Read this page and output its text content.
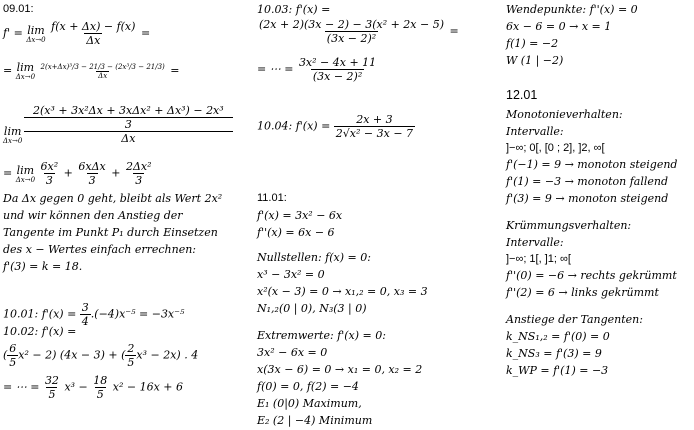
09.01:
f' = lim
Δx→0
$\frac{f(x + \Delta x) - f(x)}{\Delta x}$ =
= lim
Δx→0
$\frac{\text{2(x+Δx)³/3 − 21/3 − (2x³/3 − 21/3)}}{\Delta x}$ =
lim
Δx→0
$\frac{\frac{\text{2(x³ + 3x²Δx + 3xΔx² + Δx³) − 2x³}}{3}}{\Delta x}$
= lim
Δx→0
$\frac{\text{6x²}}{3} + \frac{\text{6xΔx}}{3} + \frac{\text{2Δx²}}{3}$
Da Δx gegen 0 geht, bleibt als Wert 2x²
und wir können den Anstieg der
Tangente im Punkt P₁ durch Einsetzen
des x − Wertes einfach errechnen:
f'(3) = k = 18.
10.01: $f'(x) = \frac{3}{4} .(-4)x^{-5} = -3x^{-5}$
10.02: f'(x) =
( $\frac{6}{5} x^2 - 2$) (4x − 3) + ( $\frac{2}{5} x^3 - 2x$) . 4
= ⋯ = $\frac{32}{5} x^3 - \frac{18}{5} x^2 - 16x + 6$
10.03: f'(x) =
$\frac{\text{(2x + 2)(3x − 2) − 3(x² + 2x − 5)}}{\text{(3x − 2)²}}$ =
= ⋯ = $\frac{\text{3x² − 4x + 11}}{\text{(3x − 2)²}}$
10.04: $f'(x) = \frac{2x + 3}{\text{2√x² − 3x − 7}}$
11.01:
f'(x) = 3x² − 6x
f''(x) = 6x − 6
Nullstellen: f(x) = 0:
x³ − 3x² = 0
x²(x − 3) = 0 → x₁,₂ = 0, x₃ = 3
N₁,₂(0 | 0), N₃(3 | 0)
Extremwerte: f'(x) = 0:
3x² − 6x = 0
x(3x − 6) = 0 → x₁ = 0, x₂ = 2
f(0) = 0, f(2) = −4
E₁ (0|0) Maximum,
E₂ (2 | −4) Minimum
Wendepunkte: f''(x) = 0
6x − 6 = 0 → x = 1
f(1) = −2
W (1 | −2)
12.01
Monotonieverhalten:
Intervalle:
]−∞; 0[, [0 ; 2], ]2, ∞[
f'(−1) = 9 → monoton steigend
f'(1) = −3 → monoton fallend
f'(3) = 9 → monoton steigend
Krümmungsverhalten:
Intervalle:
]−∞; 1[, ]1; ∞[
f''(0) = −6 → rechts gekrümmt
f''(2) = 6 → links gekrümmt
Anstiege der Tangenten:
k_NS₁,₂ = f'(0) = 0
k_NS₃ = f'(3) = 9
k_WP = f'(1) = −3
